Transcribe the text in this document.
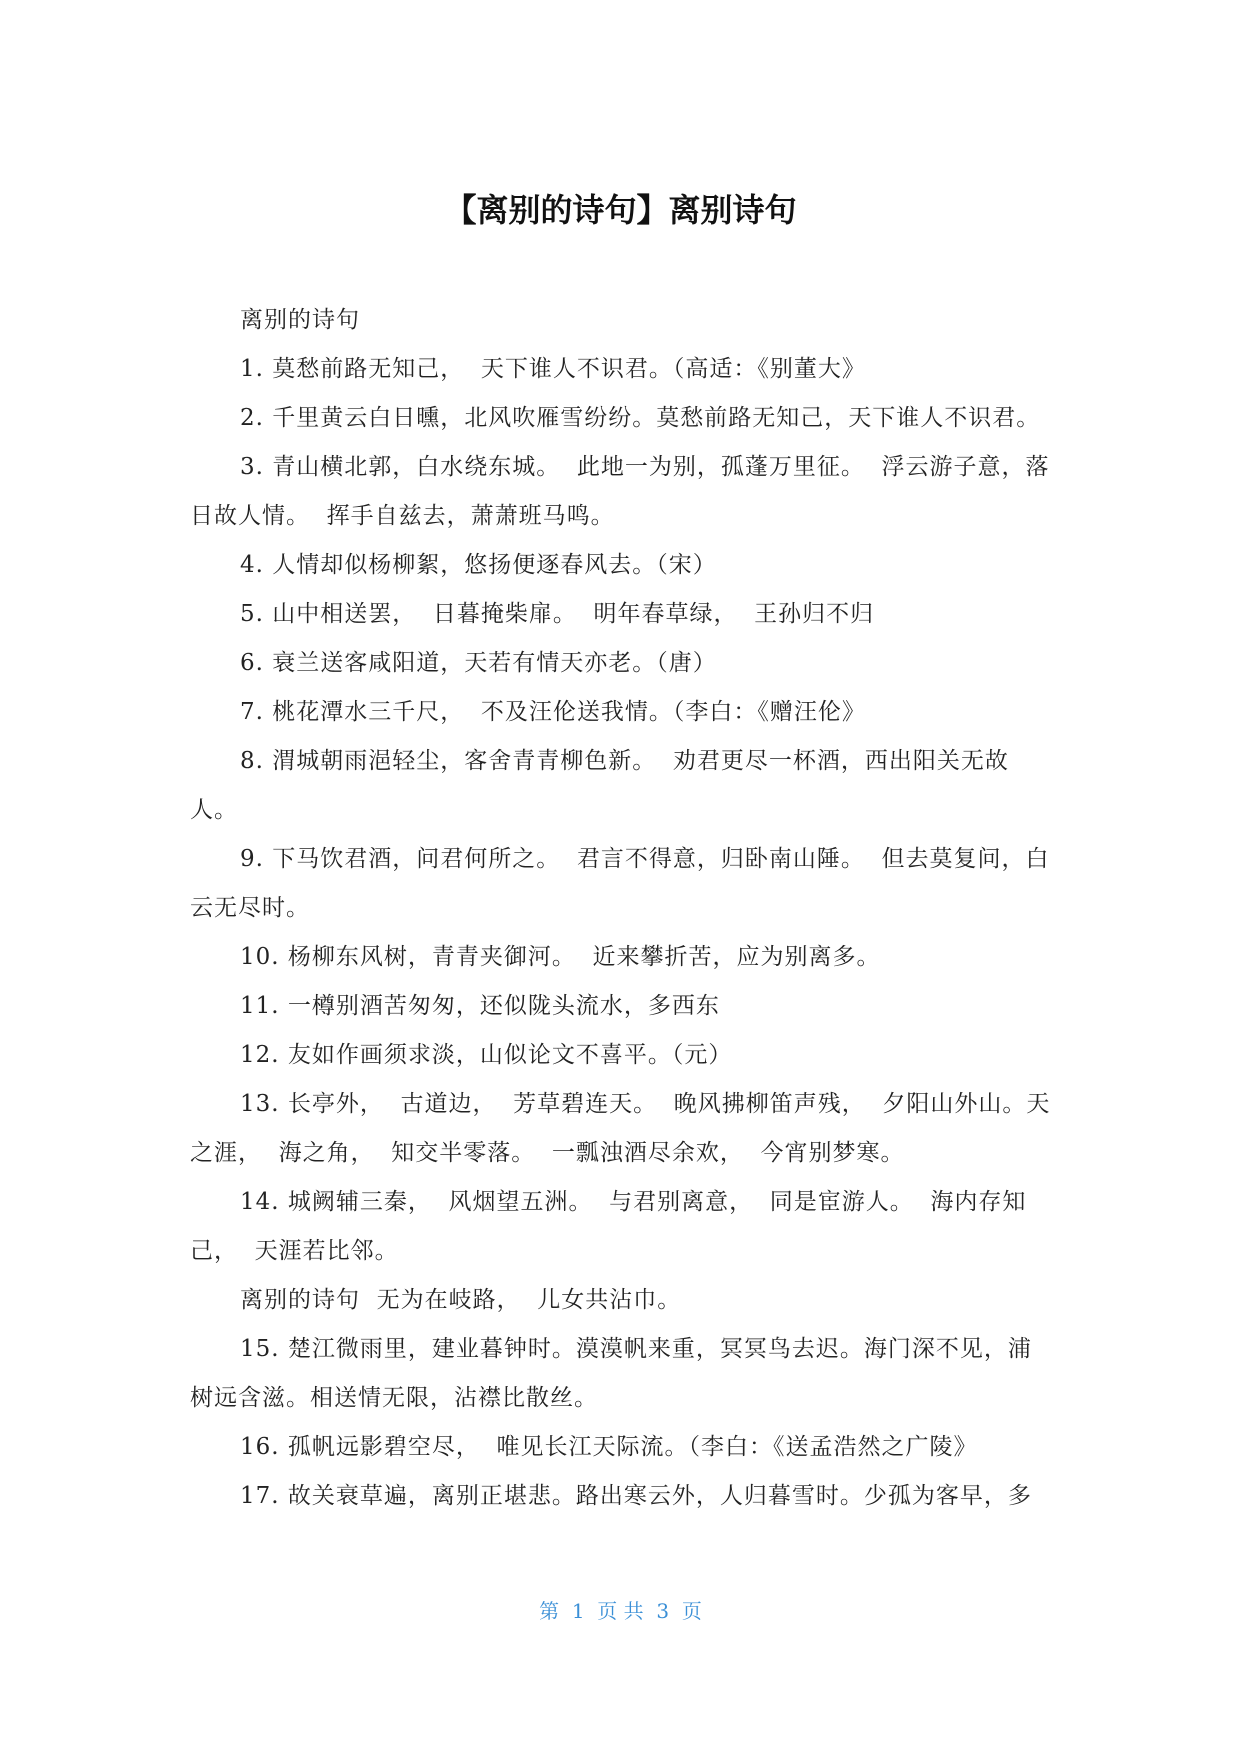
【离别的诗句】离别诗句

离别的诗句

1. 莫愁前路无知己，  天下谁人不识君。（高适：《别董大》

2. 千里黄云白日曛，北风吹雁雪纷纷。莫愁前路无知己，天下谁人不识君。

3. 青山横北郭，白水绕东城。  此地一为别，孤蓬万里征。  浮云游子意，落日故人情。  挥手自兹去，萧萧班马鸣。

4. 人情却似杨柳絮，悠扬便逐春风去。（宋）

5. 山中相送罢，  日暮掩柴扉。  明年春草绿，  王孙归不归

6. 衰兰送客咸阳道，天若有情天亦老。（唐）

7. 桃花潭水三千尺，  不及汪伦送我情。（李白：《赠汪伦》

8. 渭城朝雨浥轻尘，客舍青青柳色新。  劝君更尽一杯酒，西出阳关无故人。

9. 下马饮君酒，问君何所之。  君言不得意，归卧南山陲。  但去莫复问，白云无尽时。

10. 杨柳东风树，青青夹御河。  近来攀折苦，应为别离多。

11. 一樽别酒苦匆匆，还似陇头流水，多西东

12. 友如作画须求淡，山似论文不喜平。（元）

13. 长亭外，  古道边，  芳草碧连天。  晚风拂柳笛声残，  夕阳山外山。天之涯，  海之角，  知交半零落。  一瓢浊酒尽余欢，  今宵别梦寒。

14. 城阙辅三秦，  风烟望五洲。  与君别离意，  同是宦游人。  海内存知己，  天涯若比邻。

离别的诗句  无为在岐路，  儿女共沾巾。

15. 楚江微雨里，建业暮钟时。漠漠帆来重，冥冥鸟去迟。海门深不见，浦树远含滋。相送情无限，沾襟比散丝。

16. 孤帆远影碧空尽，  唯见长江天际流。（李白：《送孟浩然之广陵》

17. 故关衰草遍，离别正堪悲。路出寒云外，人归暮雪时。少孤为客早，多

第  1  页 共  3  页
